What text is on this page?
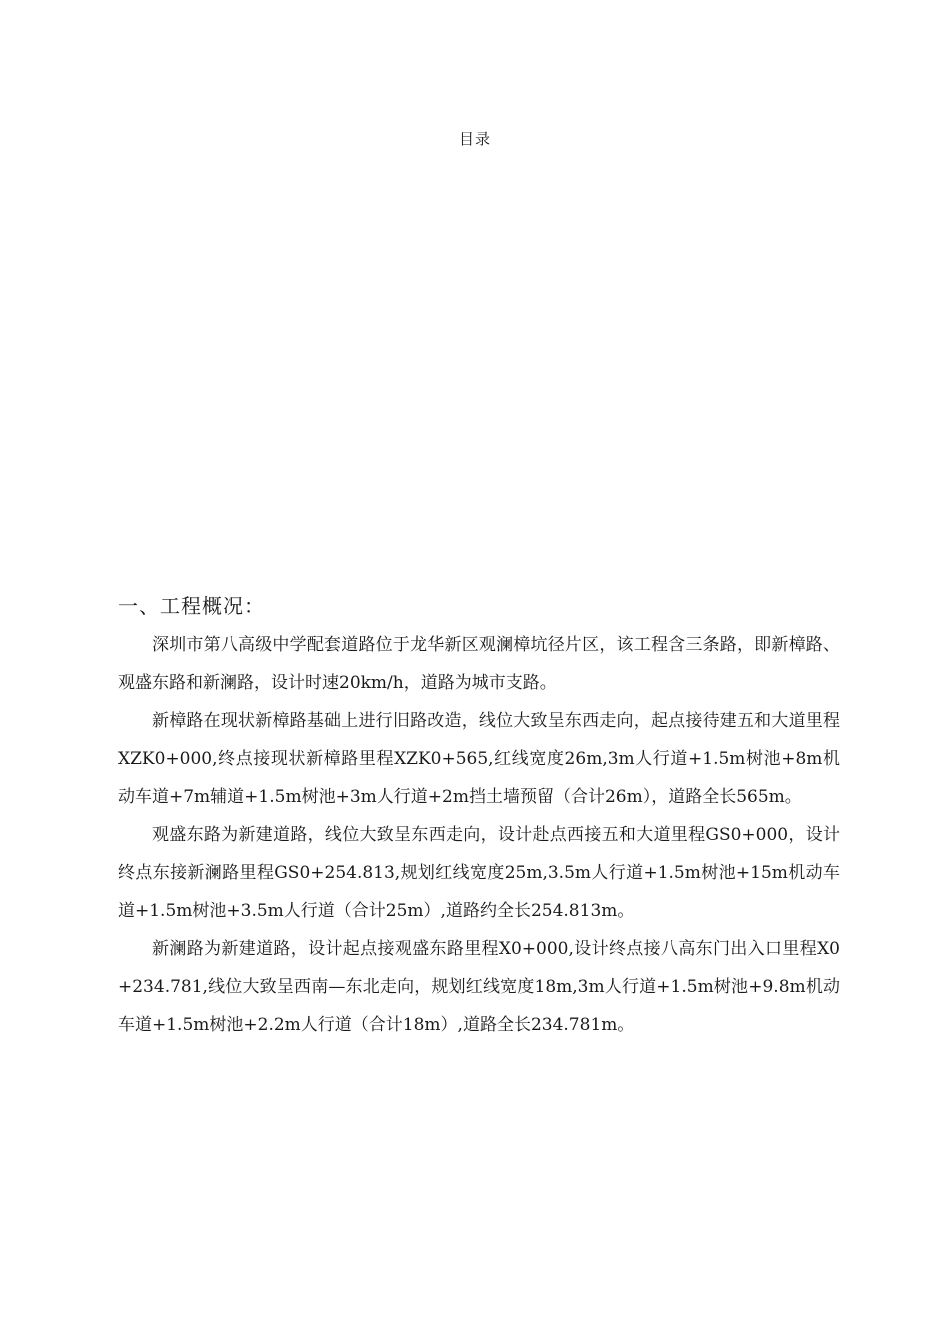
目录
一、工程概况：

深圳市第八高级中学配套道路位于龙华新区观澜樟坑径片区，该工程含三条路，即新樟路、观盛东路和新澜路，设计时速20km/h，道路为城市支路。

新樟路在现状新樟路基础上进行旧路改造，线位大致呈东西走向，起点接待建五和大道里程XZK0+000,终点接现状新樟路里程XZK0+565,红线宽度26m,3m人行道+1.5m树池+8m机动车道+7m辅道+1.5m树池+3m人行道+2m挡土墙预留（合计26m），道路全长565m。

观盛东路为新建道路，线位大致呈东西走向，设计赴点西接五和大道里程GS0+000，设计终点东接新澜路里程GS0+254.813,规划红线宽度25m,3.5m人行道+1.5m树池+15m机动车道+1.5m树池+3.5m人行道（合计25m）,道路约全长254.813m。

新澜路为新建道路，设计起点接观盛东路里程X0+000,设计终点接八高东门出入口里程X0+234.781,线位大致呈西南—东北走向，规划红线宽度18m,3m人行道+1.5m树池+9.8m机动车道+1.5m树池+2.2m人行道（合计18m）,道路全长234.781m。
